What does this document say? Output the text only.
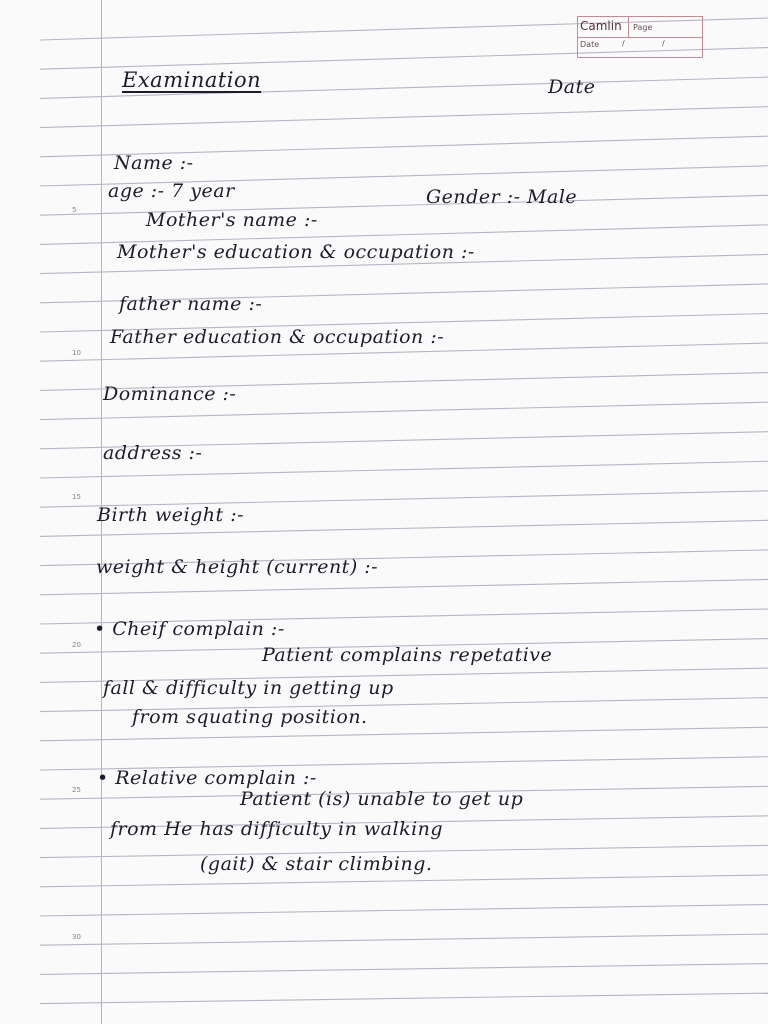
5
10
15
20
25
30
Camlin Page
Date	/	/
Examination	Date
Name :-
age :- 7 year	Gender :- Male
Mother's name :-
Mother's education & occupation :-
father name :-
Father education & occupation :-
Dominance :-
address :-
Birth weight :-
weight & height (current) :-
• Cheif complain :-
Patient complains repetative
fall & difficulty in getting up
from squating position.
• Relative complain :-
Patient (is) unable to get up
from He has difficulty in walking
(gait) & stair climbing.
